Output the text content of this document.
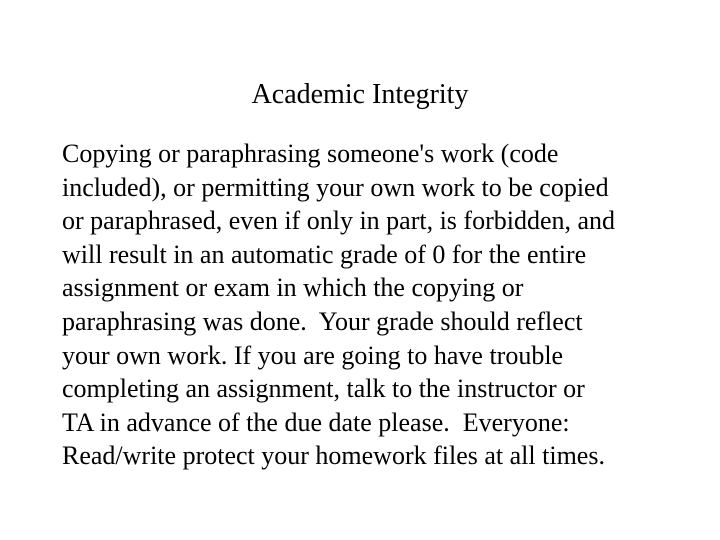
Academic Integrity

Copying or paraphrasing someone's work (code
included), or permitting your own work to be copied
or paraphrased, even if only in part, is forbidden, and
will result in an automatic grade of 0 for the entire
assignment or exam in which the copying or
paraphrasing was done.  Your grade should reflect
your own work. If you are going to have trouble
completing an assignment, talk to the instructor or
TA in advance of the due date please.  Everyone:
Read/write protect your homework files at all times.
